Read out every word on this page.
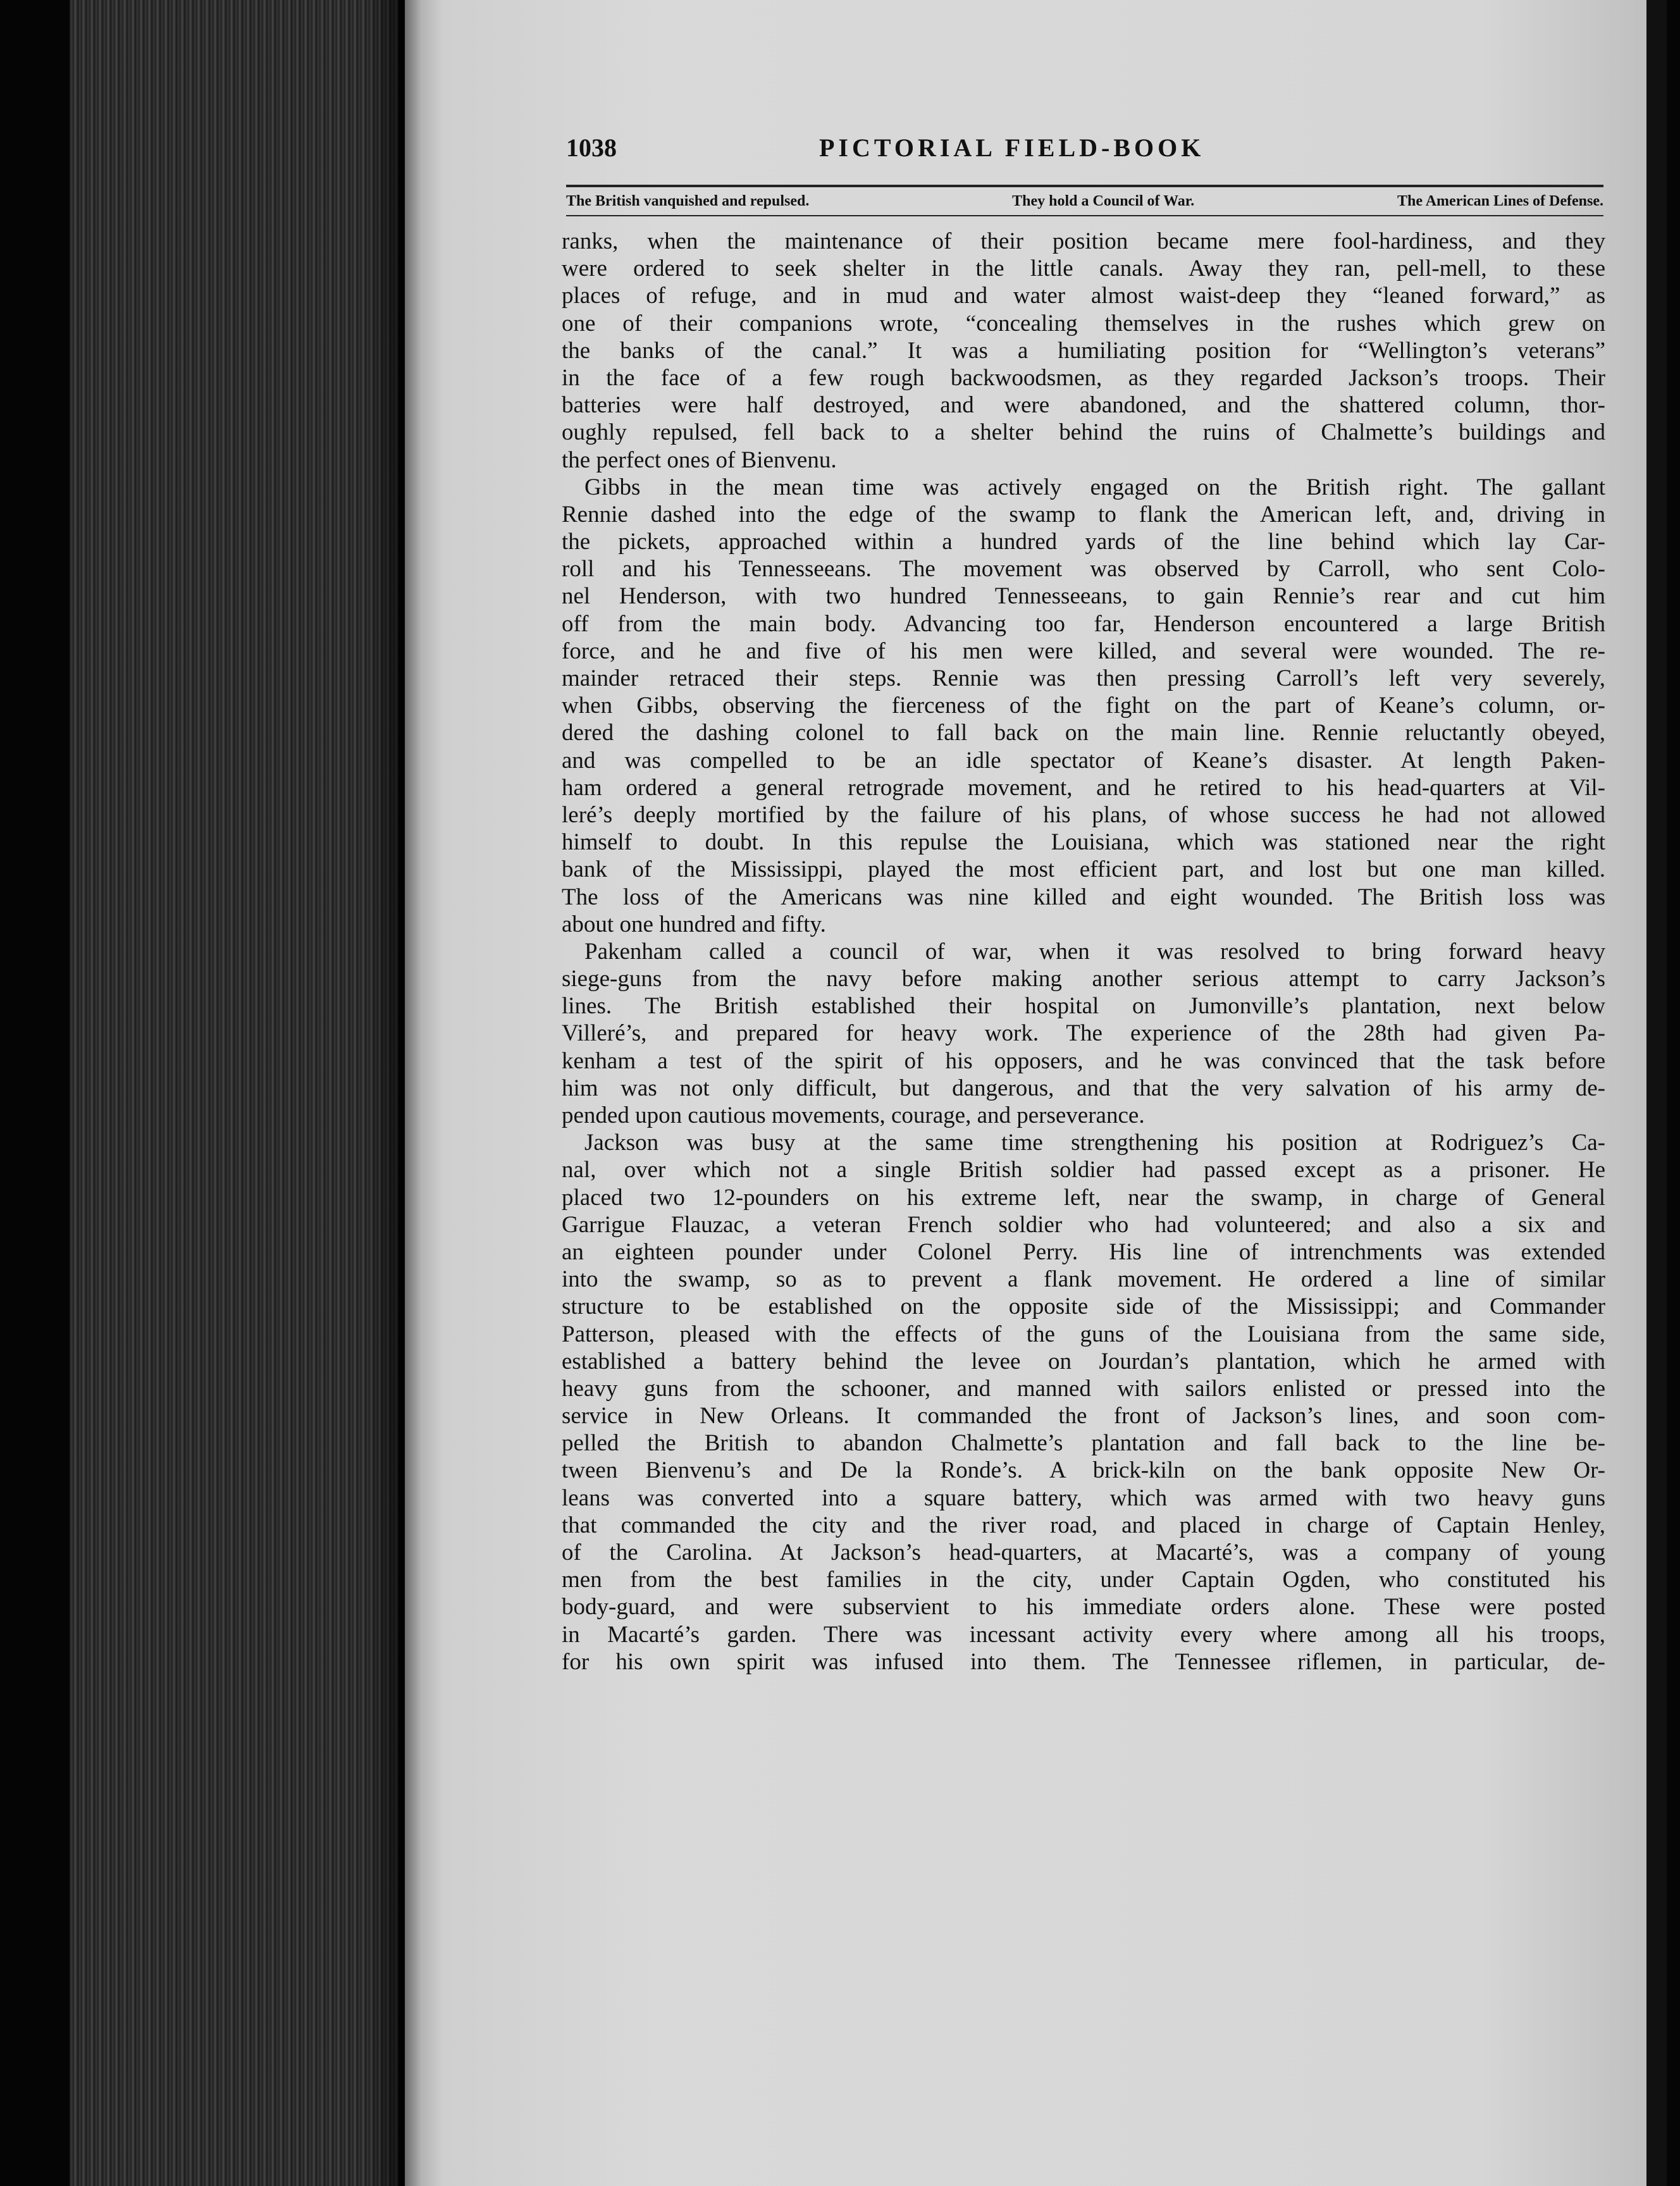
1038	PICTORIAL FIELD-BOOK
The British vanquished and repulsed.	They hold a Council of War.	The American Lines of Defense.
ranks, when the maintenance of their position became mere fool-hardiness, and they
were ordered to seek shelter in the little canals. Away they ran, pell-mell, to these
places of refuge, and in mud and water almost waist-deep they “leaned forward,” as
one of their companions wrote, “concealing themselves in the rushes which grew on
the banks of the canal.” It was a humiliating position for “Wellington’s veterans”
in the face of a few rough backwoodsmen, as they regarded Jackson’s troops. Their
batteries were half destroyed, and were abandoned, and the shattered column, thor-
oughly repulsed, fell back to a shelter behind the ruins of Chalmette’s buildings and
the perfect ones of Bienvenu.
Gibbs in the mean time was actively engaged on the British right. The gallant
Rennie dashed into the edge of the swamp to flank the American left, and, driving in
the pickets, approached within a hundred yards of the line behind which lay Car-
roll and his Tennesseeans. The movement was observed by Carroll, who sent Colo-
nel Henderson, with two hundred Tennesseeans, to gain Rennie’s rear and cut him
off from the main body. Advancing too far, Henderson encountered a large British
force, and he and five of his men were killed, and several were wounded. The re-
mainder retraced their steps. Rennie was then pressing Carroll’s left very severely,
when Gibbs, observing the fierceness of the fight on the part of Keane’s column, or-
dered the dashing colonel to fall back on the main line. Rennie reluctantly obeyed,
and was compelled to be an idle spectator of Keane’s disaster. At length Paken-
ham ordered a general retrograde movement, and he retired to his head-quarters at Vil-
leré’s deeply mortified by the failure of his plans, of whose success he had not allowed
himself to doubt. In this repulse the Louisiana, which was stationed near the right
bank of the Mississippi, played the most efficient part, and lost but one man killed.
The loss of the Americans was nine killed and eight wounded. The British loss was
about one hundred and fifty.
Pakenham called a council of war, when it was resolved to bring forward heavy
siege-guns from the navy before making another serious attempt to carry Jackson’s
lines. The British established their hospital on Jumonville’s plantation, next below
Villeré’s, and prepared for heavy work. The experience of the 28th had given Pa-
kenham a test of the spirit of his opposers, and he was convinced that the task before
him was not only difficult, but dangerous, and that the very salvation of his army de-
pended upon cautious movements, courage, and perseverance.
Jackson was busy at the same time strengthening his position at Rodriguez’s Ca-
nal, over which not a single British soldier had passed except as a prisoner. He
placed two 12-pounders on his extreme left, near the swamp, in charge of General
Garrigue Flauzac, a veteran French soldier who had volunteered; and also a six and
an eighteen pounder under Colonel Perry. His line of intrenchments was extended
into the swamp, so as to prevent a flank movement. He ordered a line of similar
structure to be established on the opposite side of the Mississippi; and Commander
Patterson, pleased with the effects of the guns of the Louisiana from the same side,
established a battery behind the levee on Jourdan’s plantation, which he armed with
heavy guns from the schooner, and manned with sailors enlisted or pressed into the
service in New Orleans. It commanded the front of Jackson’s lines, and soon com-
pelled the British to abandon Chalmette’s plantation and fall back to the line be-
tween Bienvenu’s and De la Ronde’s. A brick-kiln on the bank opposite New Or-
leans was converted into a square battery, which was armed with two heavy guns
that commanded the city and the river road, and placed in charge of Captain Henley,
of the Carolina. At Jackson’s head-quarters, at Macarté’s, was a company of young
men from the best families in the city, under Captain Ogden, who constituted his
body-guard, and were subservient to his immediate orders alone. These were posted
in Macarté’s garden. There was incessant activity every where among all his troops,
for his own spirit was infused into them. The Tennessee riflemen, in particular, de-
